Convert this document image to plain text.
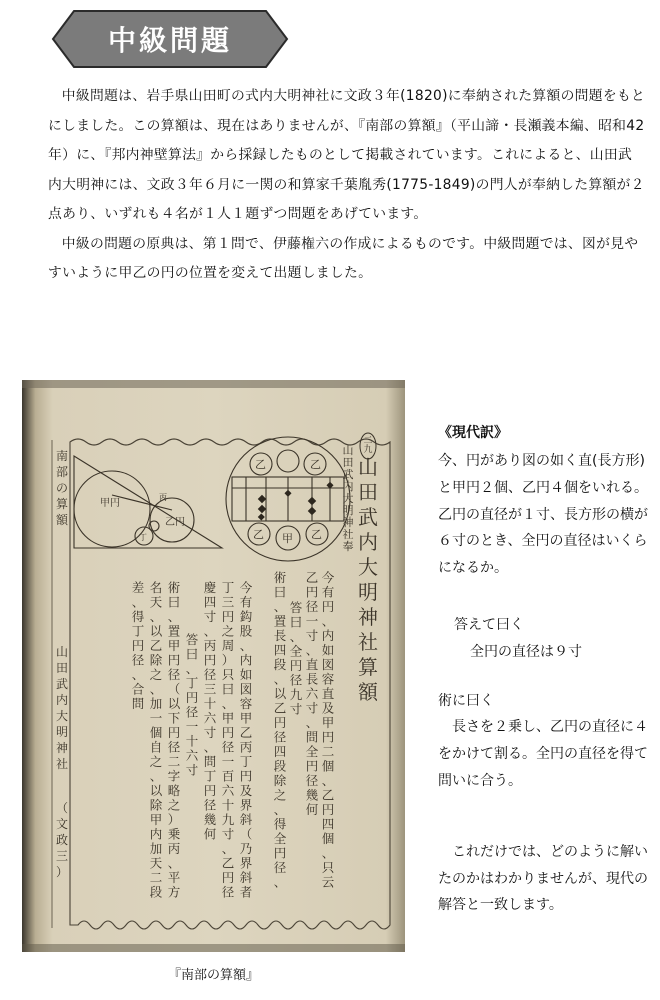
中級問題

中級問題は、岩手県山田町の式内大明神社に文政３年(1820)に奉納された算額の問題をもとにしました。この算額は、現在はありませんが、『南部の算額』（平山諦・長瀬義本編、昭和42年）に、『邦内神壁算法』から採録したものとして掲載されています。これによると、山田武内大明神には、文政３年６月に一関の和算家千葉胤秀(1775-1849)の門人が奉納した算額が２点あり、いずれも４名が１人１題ずつ問題をあげています。

中級の問題の原典は、第１問で、伊藤権六の作成によるものです。中級問題では、図が見やすいように甲乙の円の位置を変えて出題しました。

甲円
乙円
丁
丙
乙	乙
乙 甲 乙
二九
山田武内大明神社算額
山田武内大明神社奉
今有円、内如図容直及甲円二個、乙円四個、只云
乙円径一寸、直長六寸、問全円径幾何
答曰、全円径九寸
術曰、置長四段、以乙円径四段除之、得全円径、
今有鈎股、内如図容甲乙丙丁円及界斜（乃界斜者
丁三円之周）只曰、甲円径一百六十九寸、乙円径
慶四寸、丙円径三十六寸、問丁円径幾何
答曰、丁円径一十六寸
術曰、置甲円径（以下円径二字略之）乗丙、平方
名天、以乙除之、加一個自之、以除甲内加天二段
差、得丁円径、合問
南部の算額
山田武内大明神社
（文政三）
《現代訳》

今、円があり図の如く直(長方形)と甲円２個、乙円４個をいれる。乙円の直径が１寸、長方形の横が６寸のとき、全円の直径はいくらになるか。

答えて曰く

全円の直径は９寸

術に曰く

長さを２乗し、乙円の直径に４をかけて割る。全円の直径を得て問いに合う。

これだけでは、どのように解いたのかはわかりませんが、現代の解答と一致します。

『南部の算額』
